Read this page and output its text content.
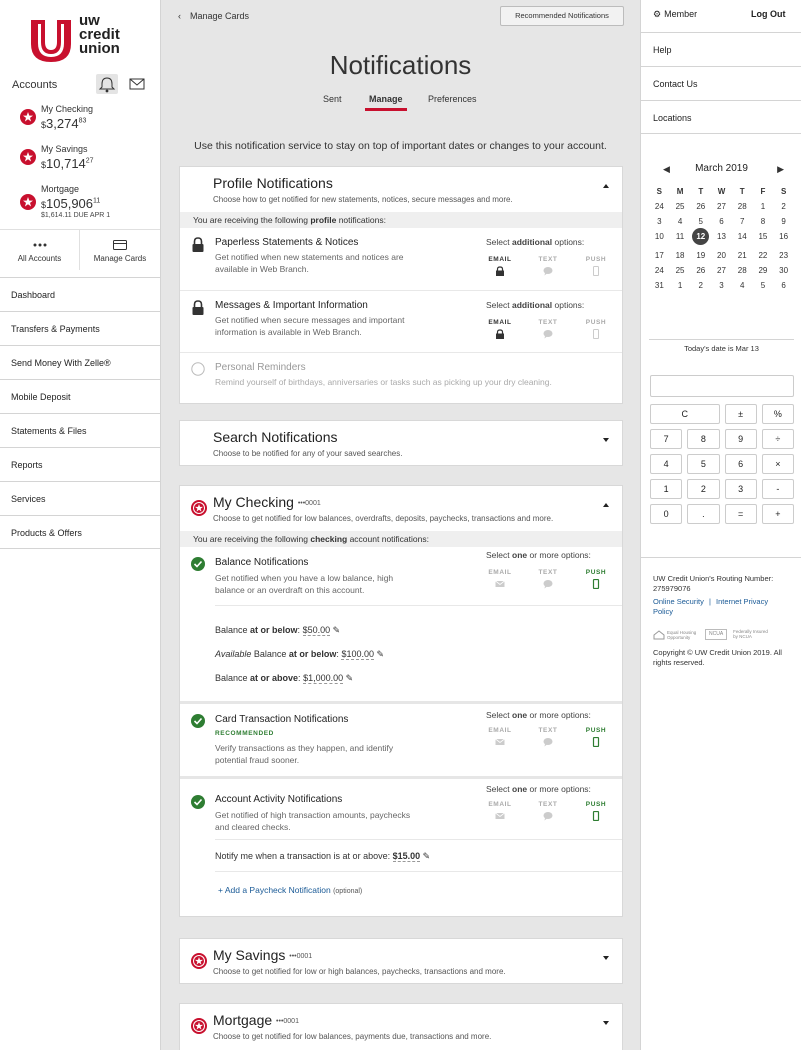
uw
credit
union
Accounts
My Checking
$3,274$^{83}$
My Savings
$10,714$^{27}$
Mortgage
$105,906$^{11}$
$1,614.11 DUE APR 1
All Accounts	Manage Cards
Dashboard
Transfers & Payments
Send Money With Zelle®
Mobile Deposit
Statements & Files
Reports
Services
Products & Offers
‹ Manage Cards	Recommended Notifications
Notifications
Sent	Manage	Preferences
Use this notification service to stay on top of important dates or changes to your account.
Profile Notifications
Choose how to get notified for new statements, notices, secure messages and more.
You are receiving the following profile notifications:
Paperless Statements & Notices
Get notified when new statements and notices are available in Web Branch.
Select additional options:
EMAIL	TEXT	PUSH
Messages & Important Information
Get notified when secure messages and important information is available in Web Branch.
Select additional options:
EMAIL	TEXT	PUSH
Personal Reminders
Remind yourself of birthdays, anniversaries or tasks such as picking up your dry cleaning.
Search Notifications
Choose to be notified for any of your saved searches.
My Checking •••0001
Choose to get notified for low balances, overdrafts, deposits, paychecks, transactions and more.
You are receiving the following checking account notifications:
Balance Notifications
Get notified when you have a low balance, high balance or an overdraft on this account.
Select one or more options:
EMAIL	TEXT	PUSH
Balance at or below: $50.00 ✎
Available Balance at or below: $100.00 ✎
Balance at or above: $1,000.00 ✎
Card Transaction Notifications
RECOMMENDED
Verify transactions as they happen, and identify potential fraud sooner.
Select one or more options:
EMAIL	TEXT	PUSH
Account Activity Notifications
Get notified of high transaction amounts, paychecks and cleared checks.
Select one or more options:
EMAIL	TEXT	PUSH
Notify me when a transaction is at or above: $15.00 ✎
+ Add a Paycheck Notification (optional)
My Savings •••0001
Choose to get notified for low or high balances, paychecks, transactions and more.
Mortgage •••0001
Choose to get notified for low balances, payments due, transactions and more.
⚙ Member	Log Out
Help
Contact Us
Locations
◀	March 2019	▶
S	M	T	W	T	F	S
24	25	26	27	28	1	2
3	4	5	6	7	8	9
10	11	12	13	14	15	16
17	18	19	20	21	22	23
24	25	26	27	28	29	30
31	1	2	3	4	5	6
Today's date is Mar 13
C	±	%
7	8	9	÷
4	5	6	×
1	2	3	-
0	.	=	+
UW Credit Union's Routing Number:
275979076
Online Security | Internet Privacy Policy
Equal Housing Opportunity	NCUA	Federally Insured by NCUA
Copyright © UW Credit Union 2019. All rights reserved.
